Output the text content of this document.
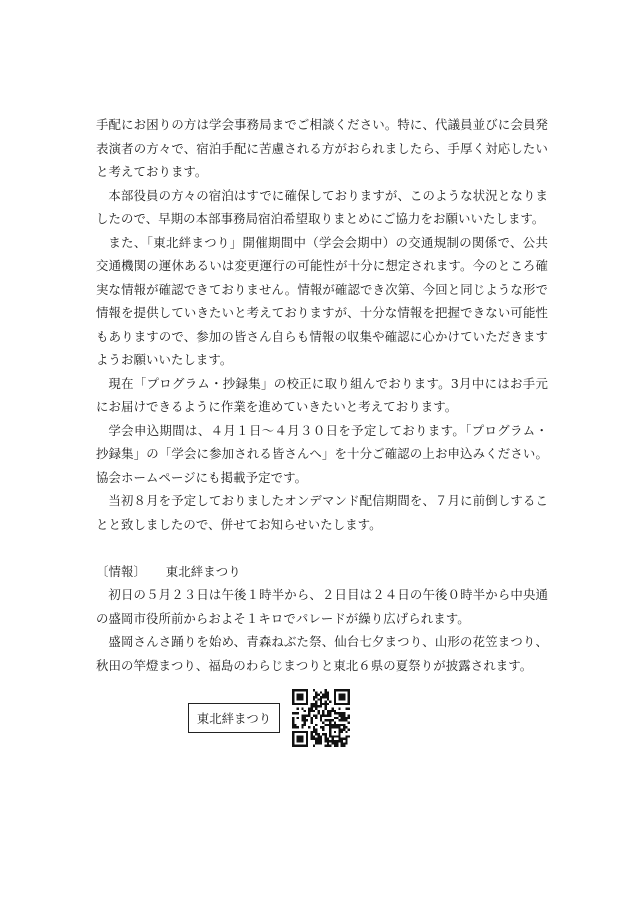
手配にお困りの方は学会事務局までご相談ください。特に、代議員並びに会員発表演者の方々で、宿泊手配に苦慮される方がおられましたら、手厚く対応したいと考えております。

本部役員の方々の宿泊はすでに確保しておりますが、このような状況となりましたので、早期の本部事務局宿泊希望取りまとめにご協力をお願いいたします。

また、「東北絆まつり」開催期間中（学会会期中）の交通規制の関係で、公共交通機関の運休あるいは変更運行の可能性が十分に想定されます。今のところ確実な情報が確認できておりません。情報が確認でき次第、今回と同じような形で情報を提供していきたいと考えておりますが、十分な情報を把握できない可能性もありますので、参加の皆さん自らも情報の収集や確認に心かけていただきますようお願いいたします。

現在「プログラム・抄録集」の校正に取り組んでおります。3月中にはお手元にお届けできるように作業を進めていきたいと考えております。

学会申込期間は、４月１日～４月３０日を予定しております。「プログラム・抄録集」の「学会に参加される皆さんへ」を十分ご確認の上お申込みください。協会ホームページにも掲載予定です。

当初８月を予定しておりましたオンデマンド配信期間を、７月に前倒しすることと致しましたので、併せてお知らせいたします。

〔情報〕 東北絆まつり

初日の５月２３日は午後１時半から、２日目は２４日の午後０時半から中央通の盛岡市役所前からおよそ１キロでパレードが繰り広げられます。

盛岡さんさ踊りを始め、青森ねぶた祭、仙台七夕まつり、山形の花笠まつり、秋田の竿燈まつり、福島のわらじまつりと東北６県の夏祭りが披露されます。

東北絆まつり
